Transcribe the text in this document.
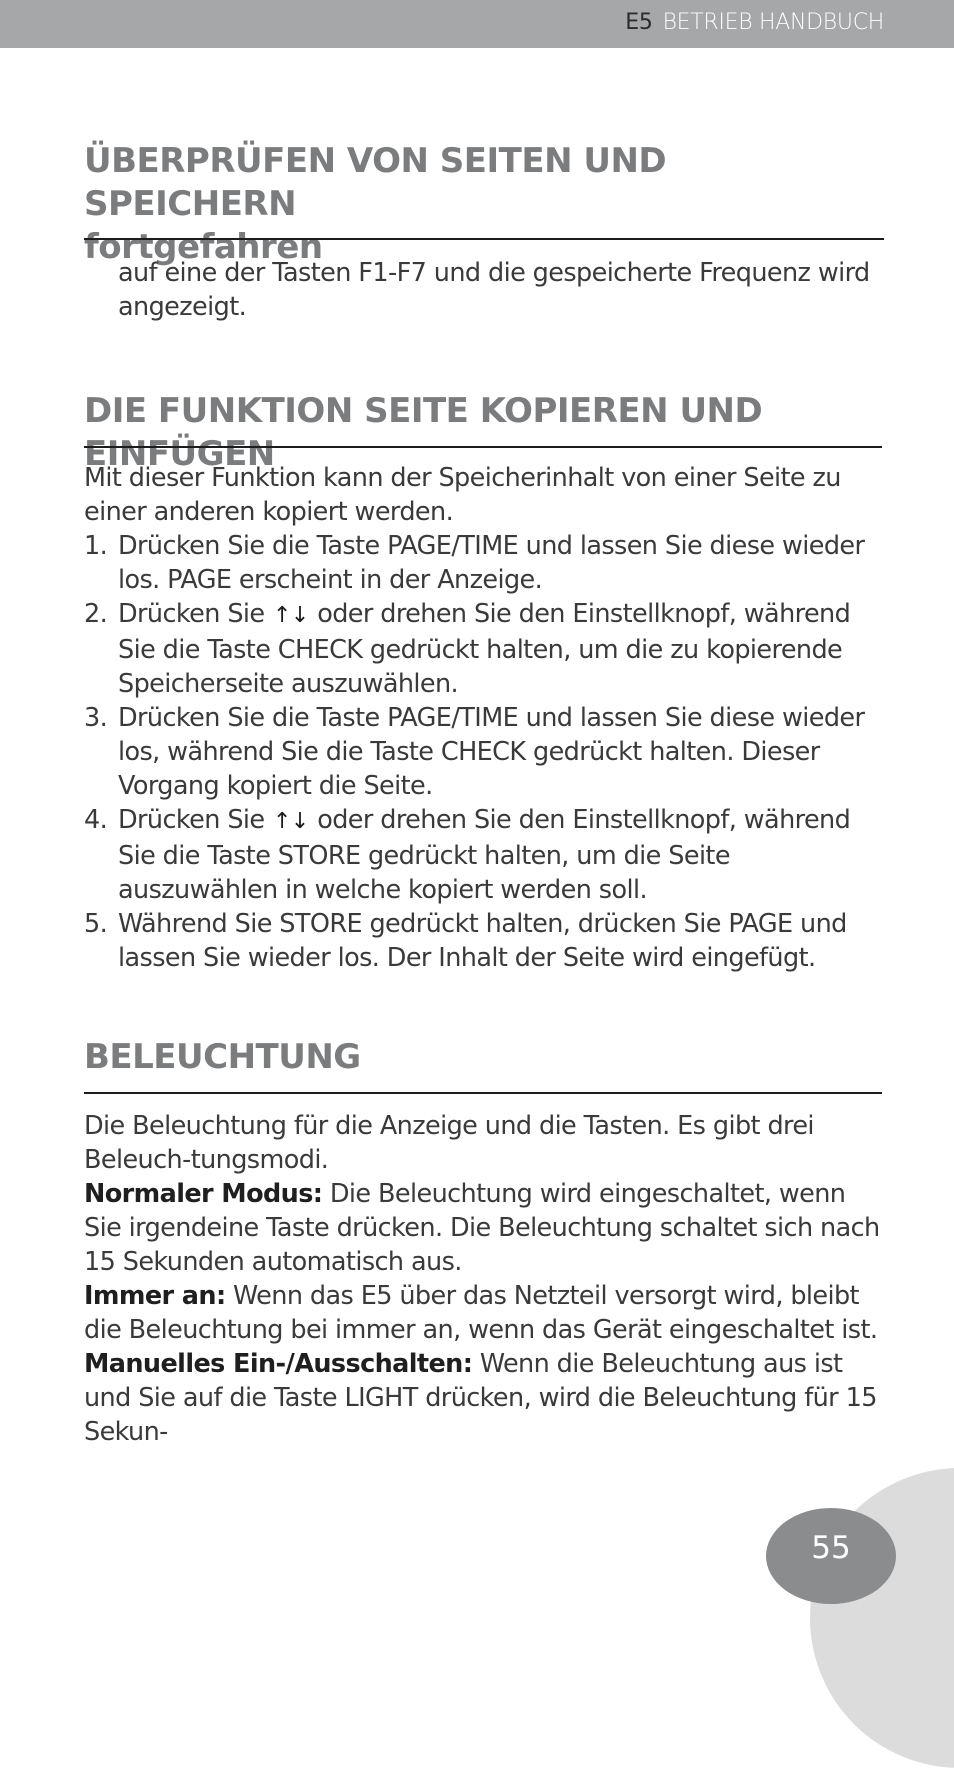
E5 BETRIEB HANDBUCH
ÜBERPRÜFEN VON SEITEN UND SPEICHERN
fortgefahren
auf eine der Tasten F1-F7 und die gespeicherte Frequenz wird angezeigt.
DIE FUNKTION SEITE KOPIEREN UND EINFÜGEN
Mit dieser Funktion kann der Speicherinhalt von einer Seite zu einer anderen kopiert werden.
1. Drücken Sie die Taste PAGE/TIME und lassen Sie diese wieder los. PAGE erscheint in der Anzeige.
2. Drücken Sie ↑↓ oder drehen Sie den Einstellknopf, während Sie die Taste CHECK gedrückt halten, um die zu kopierende Speicherseite auszuwählen.
3. Drücken Sie die Taste PAGE/TIME und lassen Sie diese wieder los, während Sie die Taste CHECK gedrückt halten. Dieser Vorgang kopiert die Seite.
4. Drücken Sie ↑↓ oder drehen Sie den Einstellknopf, während Sie die Taste STORE gedrückt halten, um die Seite auszuwählen in welche kopiert werden soll.
5. Während Sie STORE gedrückt halten, drücken Sie PAGE und lassen Sie wieder los. Der Inhalt der Seite wird eingefügt.
BELEUCHTUNG
Die Beleuchtung für die Anzeige und die Tasten. Es gibt drei Beleuch-tungsmodi.
Normaler Modus: Die Beleuchtung wird eingeschaltet, wenn Sie irgendeine Taste drücken. Die Beleuchtung schaltet sich nach 15 Sekunden automatisch aus.
Immer an: Wenn das E5 über das Netzteil versorgt wird, bleibt die Beleuchtung bei immer an, wenn das Gerät eingeschaltet ist.
Manuelles Ein-/Ausschalten: Wenn die Beleuchtung aus ist und Sie auf die Taste LIGHT drücken, wird die Beleuchtung für 15 Sekun-
55
